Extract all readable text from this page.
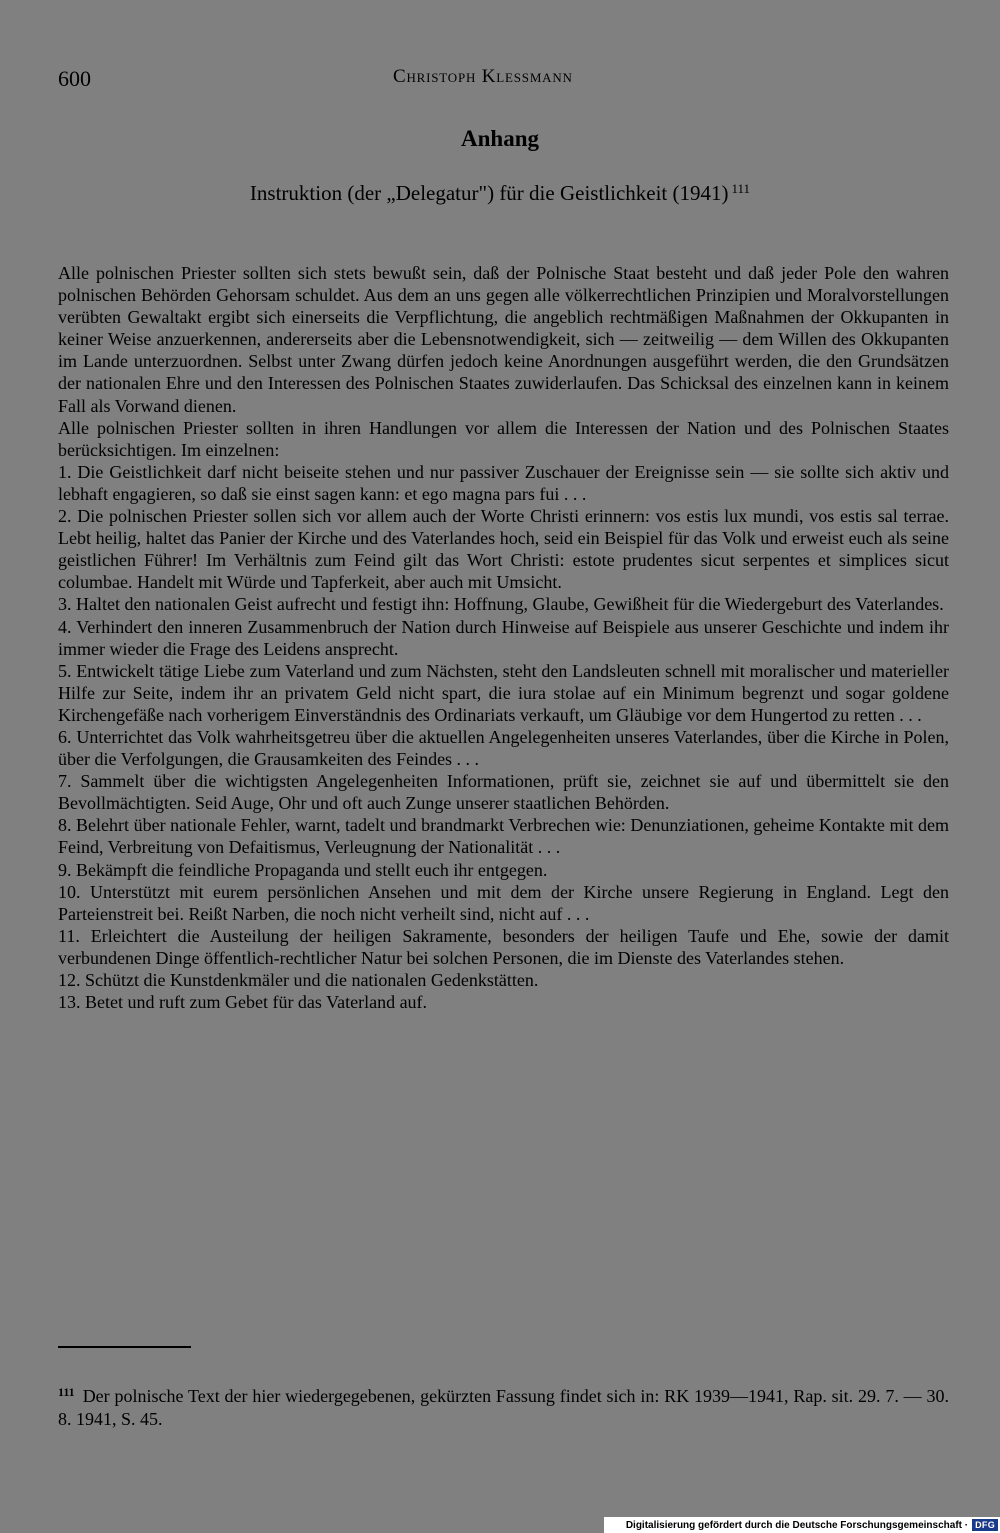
600	Christoph Klessmann
Anhang
Instruktion (der „Delegatur") für die Geistlichkeit (1941) $^{111}$

Alle polnischen Priester sollten sich stets bewußt sein, daß der Polnische Staat besteht und daß jeder Pole den wahren polnischen Behörden Gehorsam schuldet. Aus dem an uns gegen alle völkerrechtlichen Prinzipien und Moralvorstellungen verübten Gewaltakt ergibt sich einerseits die Verpflichtung, die angeblich rechtmäßigen Maßnahmen der Okkupanten in keiner Weise anzuerkennen, andererseits aber die Lebensnotwendigkeit, sich — zeitweilig — dem Willen des Okkupanten im Lande unterzuordnen. Selbst unter Zwang dürfen jedoch keine Anordnungen ausgeführt werden, die den Grundsätzen der nationalen Ehre und den Interessen des Polnischen Staates zuwiderlaufen. Das Schicksal des einzelnen kann in keinem Fall als Vorwand dienen.

Alle polnischen Priester sollten in ihren Handlungen vor allem die Interessen der Nation und des Polnischen Staates berücksichtigen. Im einzelnen:

1. Die Geistlichkeit darf nicht beiseite stehen und nur passiver Zuschauer der Ereignisse sein — sie sollte sich aktiv und lebhaft engagieren, so daß sie einst sagen kann: et ego magna pars fui . . .

2. Die polnischen Priester sollen sich vor allem auch der Worte Christi erinnern: vos estis lux mundi, vos estis sal terrae. Lebt heilig, haltet das Panier der Kirche und des Vaterlandes hoch, seid ein Beispiel für das Volk und erweist euch als seine geistlichen Führer! Im Verhältnis zum Feind gilt das Wort Christi: estote prudentes sicut serpentes et simplices sicut columbae. Handelt mit Würde und Tapferkeit, aber auch mit Umsicht.

3. Haltet den nationalen Geist aufrecht und festigt ihn: Hoffnung, Glaube, Gewißheit für die Wiedergeburt des Vaterlandes.

4. Verhindert den inneren Zusammenbruch der Nation durch Hinweise auf Beispiele aus unserer Geschichte und indem ihr immer wieder die Frage des Leidens ansprecht.

5. Entwickelt tätige Liebe zum Vaterland und zum Nächsten, steht den Landsleuten schnell mit moralischer und materieller Hilfe zur Seite, indem ihr an privatem Geld nicht spart, die iura stolae auf ein Minimum begrenzt und sogar goldene Kirchengefäße nach vorherigem Einverständnis des Ordinariats verkauft, um Gläubige vor dem Hungertod zu retten . . .

6. Unterrichtet das Volk wahrheitsgetreu über die aktuellen Angelegenheiten unseres Vaterlandes, über die Kirche in Polen, über die Verfolgungen, die Grausamkeiten des Feindes . . .

7. Sammelt über die wichtigsten Angelegenheiten Informationen, prüft sie, zeichnet sie auf und übermittelt sie den Bevollmächtigten. Seid Auge, Ohr und oft auch Zunge unserer staatlichen Behörden.

8. Belehrt über nationale Fehler, warnt, tadelt und brandmarkt Verbrechen wie: Denunziationen, geheime Kontakte mit dem Feind, Verbreitung von Defaitismus, Verleugnung der Nationalität . . .

9. Bekämpft die feindliche Propaganda und stellt euch ihr entgegen.

10. Unterstützt mit eurem persönlichen Ansehen und mit dem der Kirche unsere Regierung in England. Legt den Parteienstreit bei. Reißt Narben, die noch nicht verheilt sind, nicht auf . . .

11. Erleichtert die Austeilung der heiligen Sakramente, besonders der heiligen Taufe und Ehe, sowie der damit verbundenen Dinge öffentlich-rechtlicher Natur bei solchen Personen, die im Dienste des Vaterlandes stehen.

12. Schützt die Kunstdenkmäler und die nationalen Gedenkstätten.

13. Betet und ruft zum Gebet für das Vaterland auf.

$^{111}$ Der polnische Text der hier wiedergegebenen, gekürzten Fassung findet sich in: RK 1939—1941, Rap. sit. 29. 7. — 30. 8. 1941, S. 45.
Digitalisierung gefördert durch die Deutsche Forschungsgemeinschaft · DFG
